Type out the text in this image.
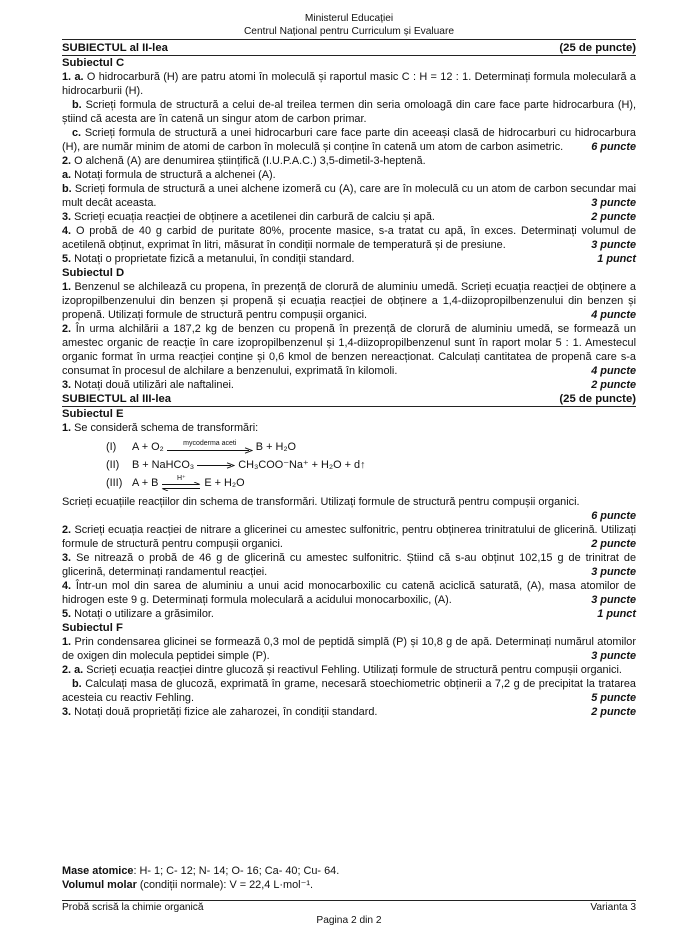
Ministerul Educației
Centrul Național pentru Curriculum și Evaluare
SUBIECTUL al II-lea	(25 de puncte)
Subiectul C

1. a. O hidrocarbură (H) are patru atomi în moleculă și raportul masic C : H = 12 : 1. Determinați formula moleculară a hidrocarburii (H).

b. Scrieți formula de structură a celui de-al treilea termen din seria omoloagă din care face parte hidrocarbura (H), știind că acesta are în catenă un singur atom de carbon primar.

c. Scrieți formula de structură a unei hidrocarburi care face parte din aceeași clasă de hidrocarburi cu hidrocarbura (H), are număr minim de atomi de carbon în moleculă și conține în catenă um atom de carbon asimetric.	6 puncte

2. O alchenă (A) are denumirea științifică (I.U.P.A.C.) 3,5-dimetil-3-heptenă.

a. Notați formula de structură a alchenei (A).

b. Scrieți formula de structură a unei alchene izomeră cu (A), care are în moleculă cu un atom de carbon secundar mai mult decât aceasta.	3 puncte
3. Scrieți ecuația reacției de obținere a acetilenei din carbură de calciu și apă.	2 puncte

4. O probă de 40 g carbid de puritate 80%, procente masice, s-a tratat cu apă, în exces. Determinați volumul de acetilenă obținut, exprimat în litri, măsurat în condiții normale de temperatură și de presiune.	3 puncte
5. Notați o proprietate fizică a metanului, în condiții standard.	1 punct
Subiectul D

1. Benzenul se alchilează cu propena, în prezență de clorură de aluminiu umedă. Scrieți ecuația reacției de obținere a izopropilbenzenului din benzen și propenă și ecuația reacției de obținere a 1,4-diizopropilbenzenului din benzen și propenă. Utilizați formule de structură pentru compușii organici.	4 puncte

2. În urma alchilării a 187,2 kg de benzen cu propenă în prezență de clorură de aluminiu umedă, se formează un amestec organic de reacție în care izopropilbenzenul și 1,4-diizopropilbenzenul sunt în raport molar 5 : 1. Amestecul organic format în urma reacției conține și 0,6 kmol de benzen nereacționat. Calculați cantitatea de propenă care s-a consumat în procesul de alchilare a benzenului, exprimată în kilomoli.	4 puncte
3. Notați două utilizări ale naftalinei.	2 puncte
SUBIECTUL al III-lea	(25 de puncte)
Subiectul E

1. Se consideră schema de transformări:

(I)	A + O₂	mycoderma aceti B + H₂O
(II)	B + NaHCO₃ → CH₃COO⁻Na⁺ + H₂O + d↑
(III) A + B	H⁺ E + H₂O

Scrieți ecuațiile reacțiilor din schema de transformări. Utilizați formule de structură pentru compușii organici.

6 puncte

2. Scrieți ecuația reacției de nitrare a glicerinei cu amestec sulfonitric, pentru obținerea trinitratului de glicerină. Utilizați formule de structură pentru compușii organici.	2 puncte

3. Se nitrează o probă de 46 g de glicerină cu amestec sulfonitric. Știind că s-au obținut 102,15 g de trinitrat de glicerină, determinați randamentul reacției.	3 puncte

4. Într-un mol din sarea de aluminiu a unui acid monocarboxilic cu catenă aciclică saturată, (A), masa atomilor de hidrogen este 9 g. Determinați formula moleculară a acidului monocarboxilic, (A).	3 puncte
5. Notați o utilizare a grăsimilor.	1 punct
Subiectul F

1. Prin condensarea glicinei se formează 0,3 mol de peptidă simplă (P) și 10,8 g de apă. Determinați numărul atomilor de oxigen din molecula peptidei simple (P).	3 puncte

2. a. Scrieți ecuația reacției dintre glucoză și reactivul Fehling. Utilizați formule de structură pentru compușii organici.

b. Calculați masa de glucoză, exprimată în grame, necesară stoechiometric obținerii a 7,2 g de precipitat la tratarea acesteia cu reactiv Fehling.	5 puncte
3. Notați două proprietăți fizice ale zaharozei, în condiții standard.	2 puncte
Mase atomice: H- 1; C- 12; N- 14; O- 16; Ca- 40; Cu- 64.
Volumul molar (condiții normale): V = 22,4 L·mol⁻¹.
Probă scrisă la chimie organică	Varianta 3
Pagina 2 din 2
